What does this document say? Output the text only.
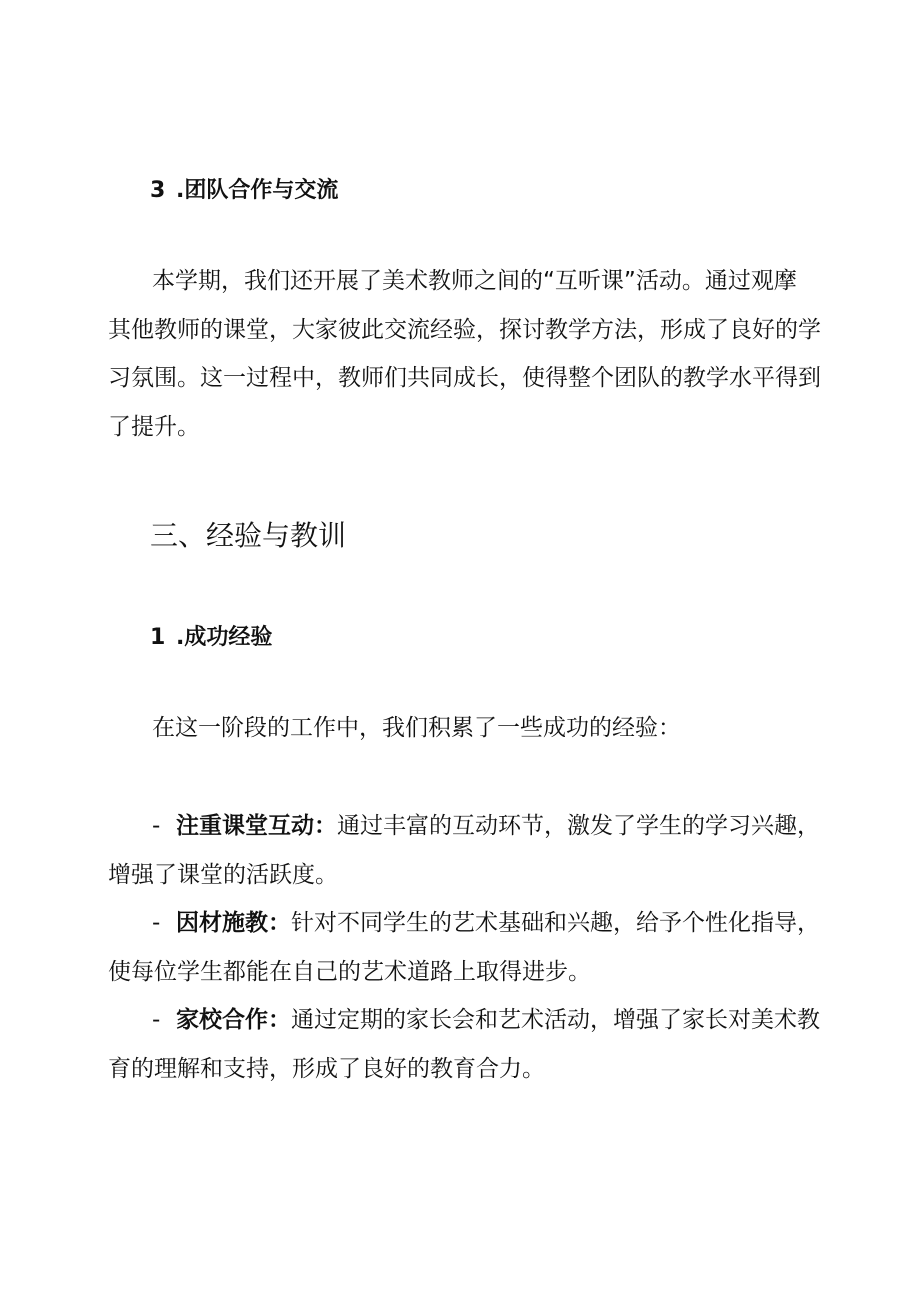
3 .团队合作与交流
本学期，我们还开展了美术教师之间的“互听课”活动。通过观摩
其他教师的课堂，大家彼此交流经验，探讨教学方法，形成了良好的学
习氛围。这一过程中，教师们共同成长，使得整个团队的教学水平得到
了提升。
三、经验与教训
1 .成功经验
在这一阶段的工作中，我们积累了一些成功的经验：
- 注重课堂互动：通过丰富的互动环节，激发了学生的学习兴趣，
增强了课堂的活跃度。
- 因材施教：针对不同学生的艺术基础和兴趣，给予个性化指导，
使每位学生都能在自己的艺术道路上取得进步。
- 家校合作：通过定期的家长会和艺术活动，增强了家长对美术教
育的理解和支持，形成了良好的教育合力。
